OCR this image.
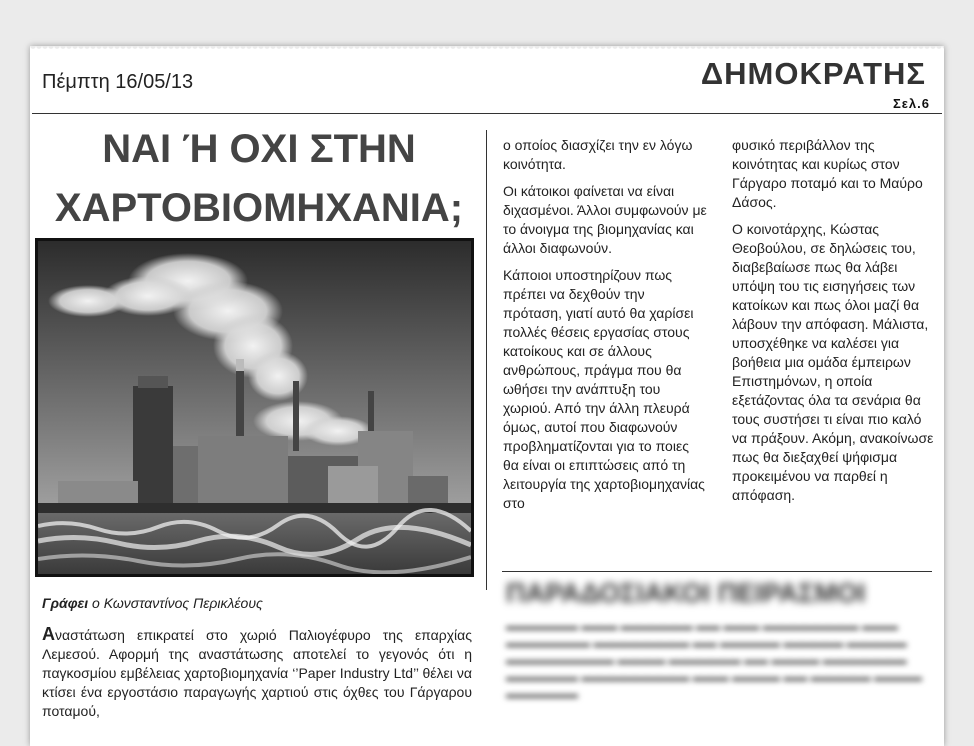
Πέμπτη 16/05/13	ΔΗΜΟΚΡΑΤΗΣ
Σελ.6
ΝΑΙ Ή ΟΧΙ ΣΤΗΝ
ΧΑΡΤΟΒΙΟΜΗΧΑΝΙΑ;
Γράφει ο Κωνσταντίνος Περικλέους
Αναστάτωση επικρατεί στο χωριό Παλιογέφυρο της επαρχίας Λεμεσού. Αφορμή της αναστάτωσης αποτελεί το γεγονός ότι η παγκοσμίου εμβέλειας χαρτοβιομηχανία ‘’Paper Industry Ltd’’ θέλει να κτίσει ένα εργοστάσιο παραγωγής χαρτιού στις όχθες του Γάργαρου ποταμού,

ο οποίος διασχίζει την εν λόγω κοινότητα.

Οι κάτοικοι φαίνεται να είναι διχασμένοι. Άλλοι συμφωνούν με το άνοιγμα της βιομηχανίας και άλλοι διαφωνούν.

Κάποιοι υποστηρίζουν πως πρέπει να δεχθούν την πρόταση, γιατί αυτό θα χαρίσει πολλές θέσεις εργασίας στους κατοίκους και σε άλλους ανθρώπους, πράγμα που θα ωθήσει την ανάπτυξη του χωριού. Από την άλλη πλευρά όμως, αυτοί που διαφωνούν προβληματίζονται για το ποιες θα είναι οι επιπτώσεις από τη λειτουργία της χαρτοβιομηχανίας στο

φυσικό περιβάλλον της κοινότητας και κυρίως στον Γάργαρο ποταμό και το Μαύρο Δάσος.

Ο κοινοτάρχης, Κώστας Θεοβούλου, σε δηλώσεις του, διαβεβαίωσε πως θα λάβει υπόψη του τις εισηγήσεις των κατοίκων και πως όλοι μαζί θα λάβουν την απόφαση. Μάλιστα, υποσχέθηκε να καλέσει για βοήθεια μια ομάδα έμπειρων Επιστημόνων, η οποία εξετάζοντας όλα τα σενάρια θα τους συστήσει τι είναι πιο καλό να πράξουν. Ακόμη, ανακοίνωσε πως θα διεξαχθεί ψήφισμα προκειμένου να παρθεί η απόφαση.

ΠΑΡΑΔΟΣΙΑΚΟΙ ΠΕΙΡΑΣΜΟΙ
▬▬▬▬▬▬ ▬▬▬ ▬▬▬▬▬▬ ▬▬ ▬▬▬ ▬▬▬▬▬▬▬▬ ▬▬▬ ▬▬▬▬▬▬▬ ▬▬▬▬▬▬▬▬ ▬▬ ▬▬▬▬▬ ▬▬▬▬▬ ▬▬▬▬▬ ▬▬▬▬▬▬▬▬▬ ▬▬▬▬ ▬▬▬▬▬▬ ▬▬ ▬▬▬▬ ▬▬▬▬▬▬▬ ▬▬▬▬▬▬ ▬▬▬▬▬▬▬▬▬ ▬▬▬ ▬▬▬▬ ▬▬ ▬▬▬▬▬ ▬▬▬▬ ▬▬▬▬▬▬
